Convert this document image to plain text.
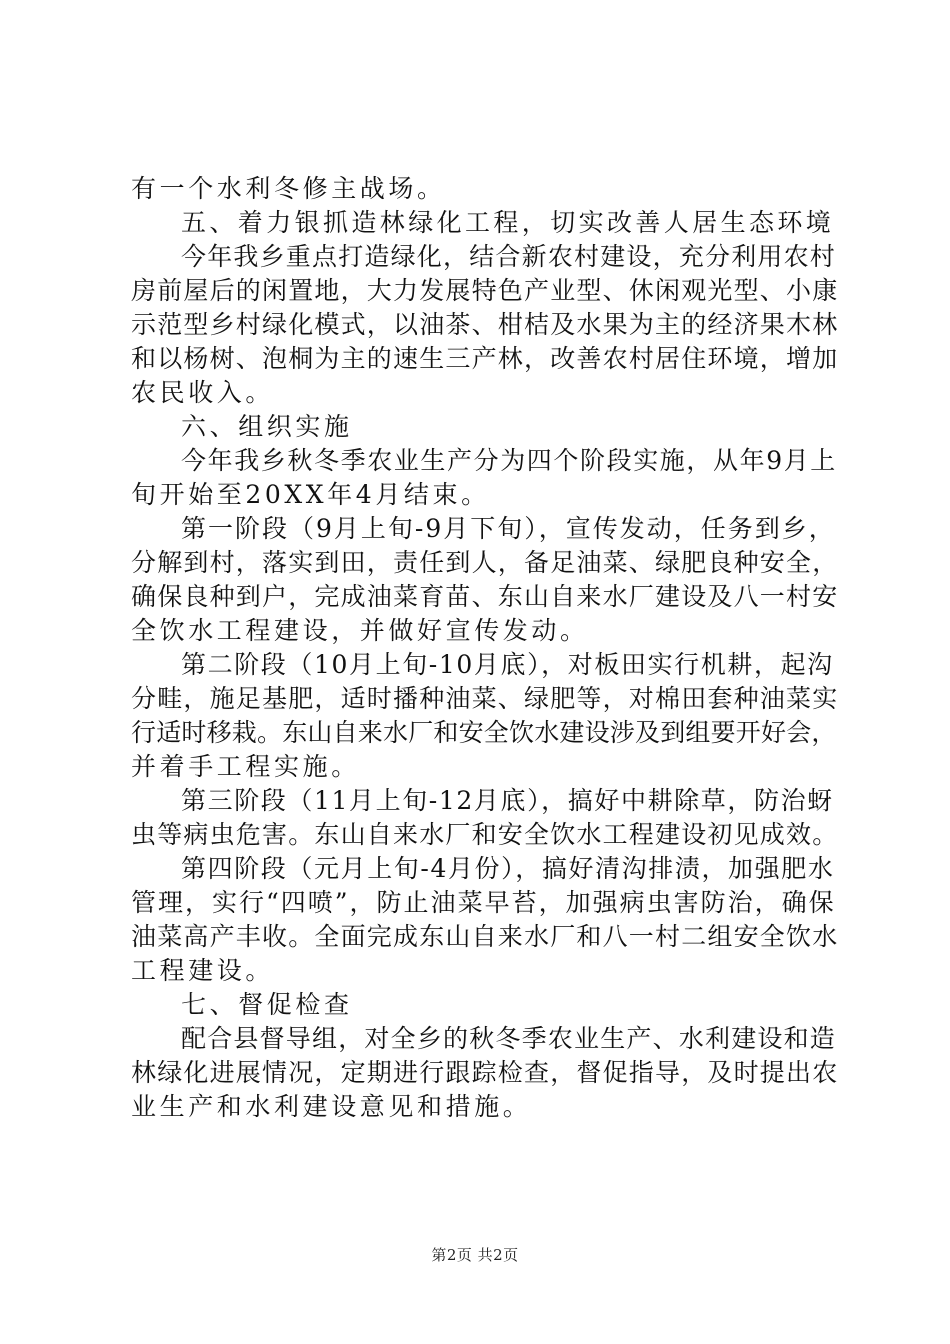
有一个水利冬修主战场。
五、着力银抓造林绿化工程，切实改善人居生态环境
今年我乡重点打造绿化，结合新农村建设，充分利用农村
房前屋后的闲置地，大力发展特色产业型、休闲观光型、小康
示范型乡村绿化模式，以油茶、柑桔及水果为主的经济果木林
和以杨树、泡桐为主的速生三产林，改善农村居住环境，增加
农民收入。
六、组织实施
今年我乡秋冬季农业生产分为四个阶段实施，从年9月上
旬开始至20XX年4月结束。
第一阶段（9月上旬-9月下旬），宣传发动，任务到乡，
分解到村，落实到田，责任到人，备足油菜、绿肥良种安全，
确保良种到户，完成油菜育苗、东山自来水厂建设及八一村安
全饮水工程建设，并做好宣传发动。
第二阶段（10月上旬-10月底），对板田实行机耕，起沟
分畦，施足基肥，适时播种油菜、绿肥等，对棉田套种油菜实
行适时移栽。东山自来水厂和安全饮水建设涉及到组要开好会，
并着手工程实施。
第三阶段（11月上旬-12月底），搞好中耕除草，防治蚜
虫等病虫危害。东山自来水厂和安全饮水工程建设初见成效。
第四阶段（元月上旬-4月份），搞好清沟排渍，加强肥水
管理，实行“四喷”，防止油菜早苔，加强病虫害防治，确保
油菜高产丰收。全面完成东山自来水厂和八一村二组安全饮水
工程建设。
七、督促检查
配合县督导组，对全乡的秋冬季农业生产、水利建设和造
林绿化进展情况，定期进行跟踪检查，督促指导，及时提出农
业生产和水利建设意见和措施。
第2页 共2页
